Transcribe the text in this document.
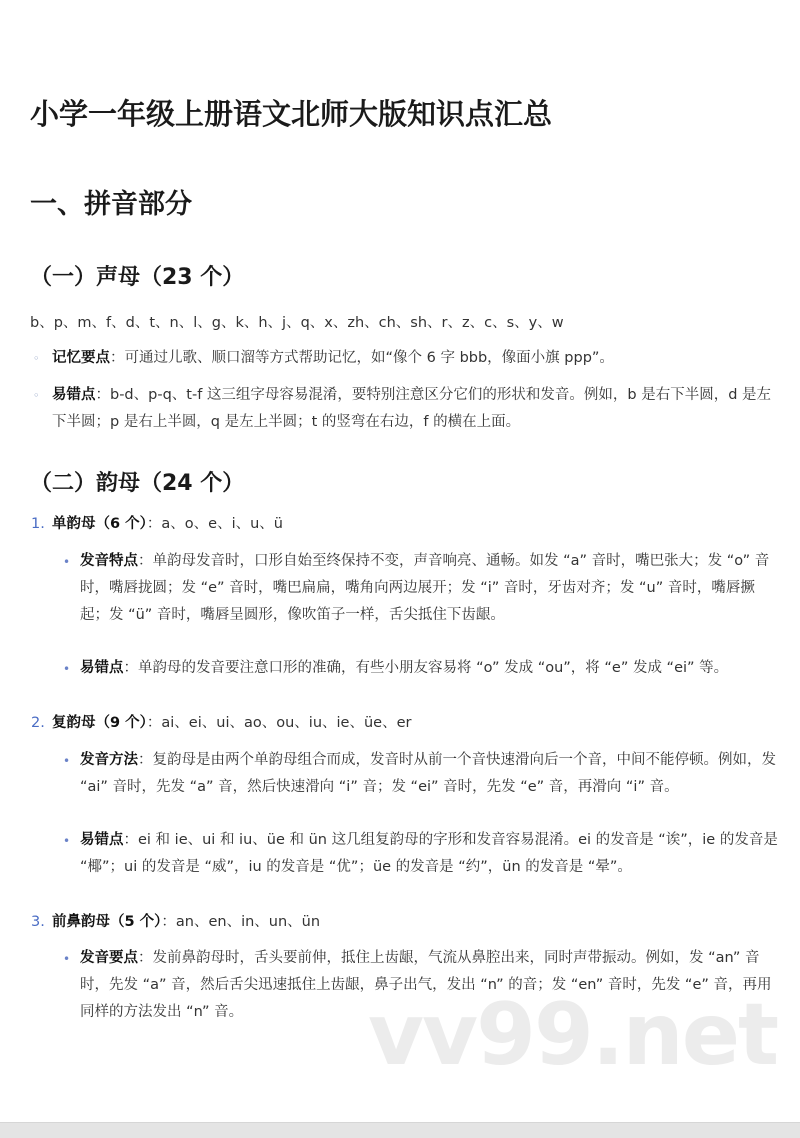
小学一年级上册语文北师大版知识点汇总
一、拼音部分
（一）声母（23 个）
b、p、m、f、d、t、n、l、g、k、h、j、q、x、zh、ch、sh、r、z、c、s、y、w
◦ 记忆要点：可通过儿歌、顺口溜等方式帮助记忆，如“像个 6 字 bbb，像面小旗 ppp”。
◦ 易错点：b-d、p-q、t-f 这三组字母容易混淆，要特别注意区分它们的形状和发音。例如，b 是右下半圆，d 是左下半圆；p 是右上半圆，q 是左上半圆；t 的竖弯在右边，f 的横在上面。
（二）韵母（24 个）
1. 单韵母（6 个）：a、o、e、i、u、ü
• 发音特点：单韵母发音时，口形自始至终保持不变，声音响亮、通畅。如发 “a” 音时，嘴巴张大；发 “o” 音时，嘴唇拢圆；发 “e” 音时，嘴巴扁扁，嘴角向两边展开；发 “i” 音时，牙齿对齐；发 “u” 音时，嘴唇撅起；发 “ü” 音时，嘴唇呈圆形，像吹笛子一样，舌尖抵住下齿龈。
• 易错点：单韵母的发音要注意口形的准确，有些小朋友容易将 “o” 发成 “ou”，将 “e” 发成 “ei” 等。
2. 复韵母（9 个）：ai、ei、ui、ao、ou、iu、ie、üe、er
• 发音方法：复韵母是由两个单韵母组合而成，发音时从前一个音快速滑向后一个音，中间不能停顿。例如，发 “ai” 音时，先发 “a” 音，然后快速滑向 “i” 音；发 “ei” 音时，先发 “e” 音，再滑向 “i” 音。
• 易错点：ei 和 ie、ui 和 iu、üe 和 ün 这几组复韵母的字形和发音容易混淆。ei 的发音是 “诶”，ie 的发音是 “椰”；ui 的发音是 “威”，iu 的发音是 “优”；üe 的发音是 “约”，ün 的发音是 “晕”。
3. 前鼻韵母（5 个）：an、en、in、un、ün
• 发音要点：发前鼻韵母时，舌头要前伸，抵住上齿龈，气流从鼻腔出来，同时声带振动。例如，发 “an” 音时，先发 “a” 音，然后舌尖迅速抵住上齿龈，鼻子出气，发出 “n” 的音；发 “en” 音时，先发 “e” 音，再用同样的方法发出 “n” 音。	vv99.net
